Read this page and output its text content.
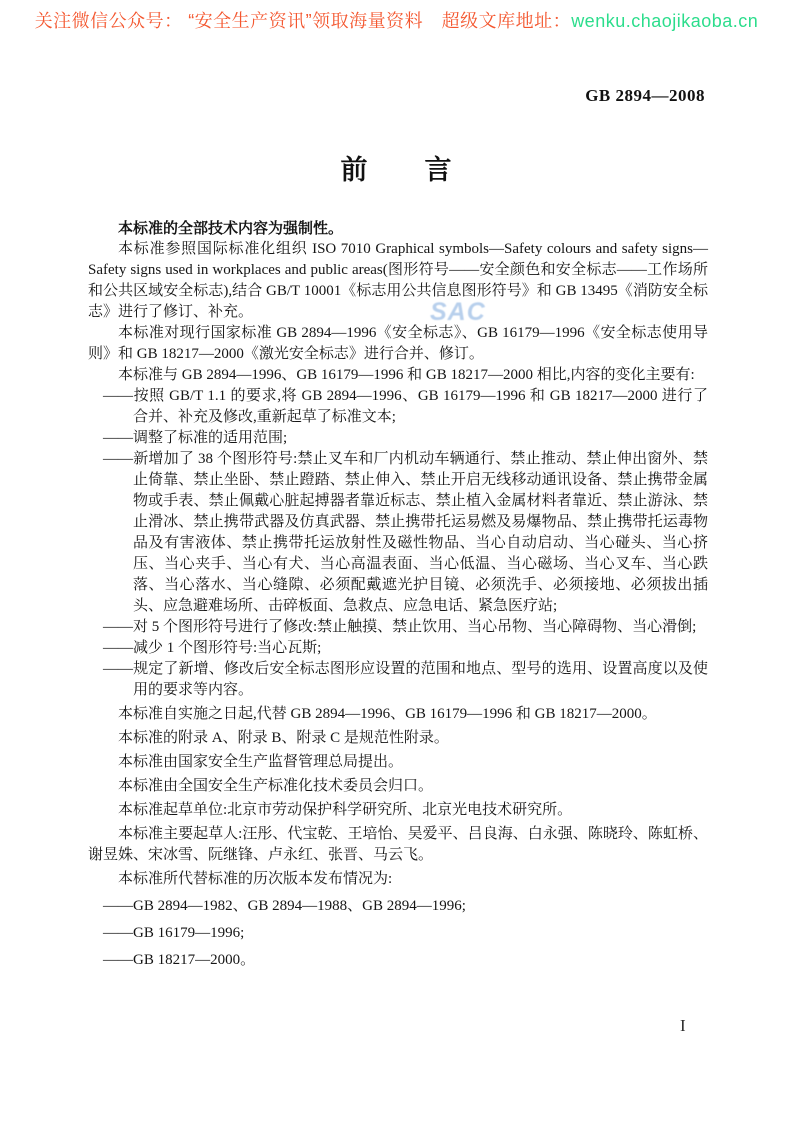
关注微信公众号： “安全生产资讯”领取海量资料　超级文库地址：wenku.chaojikaoba.cn
GB 2894—2008
前　　言
SAC

本标准的全部技术内容为强制性。

本标准参照国际标准化组织 ISO 7010 Graphical symbols—Safety colours and safety signs—Safety signs used in workplaces and public areas(图形符号——安全颜色和安全标志——工作场所和公共区域安全标志),结合 GB/T 10001《标志用公共信息图形符号》和 GB 13495《消防安全标志》进行了修订、补充。

本标准对现行国家标准 GB 2894—1996《安全标志》、GB 16179—1996《安全标志使用导则》和 GB 18217—2000《激光安全标志》进行合并、修订。

本标准与 GB 2894—1996、GB 16179—1996 和 GB 18217—2000 相比,内容的变化主要有:

——按照 GB/T 1.1 的要求,将 GB 2894—1996、GB 16179—1996 和 GB 18217—2000 进行了合并、补充及修改,重新起草了标准文本;

——调整了标准的适用范围;

——新增加了 38 个图形符号:禁止叉车和厂内机动车辆通行、禁止推动、禁止伸出窗外、禁止倚靠、禁止坐卧、禁止蹬踏、禁止伸入、禁止开启无线移动通讯设备、禁止携带金属物或手表、禁止佩戴心脏起搏器者靠近标志、禁止植入金属材料者靠近、禁止游泳、禁止滑冰、禁止携带武器及仿真武器、禁止携带托运易燃及易爆物品、禁止携带托运毒物品及有害液体、禁止携带托运放射性及磁性物品、当心自动启动、当心碰头、当心挤压、当心夹手、当心有犬、当心高温表面、当心低温、当心磁场、当心叉车、当心跌落、当心落水、当心缝隙、必须配戴遮光护目镜、必须洗手、必须接地、必须拔出插头、应急避难场所、击碎板面、急救点、应急电话、紧急医疗站;

——对 5 个图形符号进行了修改:禁止触摸、禁止饮用、当心吊物、当心障碍物、当心滑倒;

——减少 1 个图形符号:当心瓦斯;

——规定了新增、修改后安全标志图形应设置的范围和地点、型号的选用、设置高度以及使用的要求等内容。

本标准自实施之日起,代替 GB 2894—1996、GB 16179—1996 和 GB 18217—2000。

本标准的附录 A、附录 B、附录 C 是规范性附录。

本标准由国家安全生产监督管理总局提出。

本标准由全国安全生产标准化技术委员会归口。

本标准起草单位:北京市劳动保护科学研究所、北京光电技术研究所。

本标准主要起草人:汪彤、代宝乾、王培怡、吴爱平、吕良海、白永强、陈晓玲、陈虹桥、谢昱姝、宋冰雪、阮继锋、卢永红、张晋、马云飞。

本标准所代替标准的历次版本发布情况为:

——GB 2894—1982、GB 2894—1988、GB 2894—1996;

——GB 16179—1996;

——GB 18217—2000。

I
